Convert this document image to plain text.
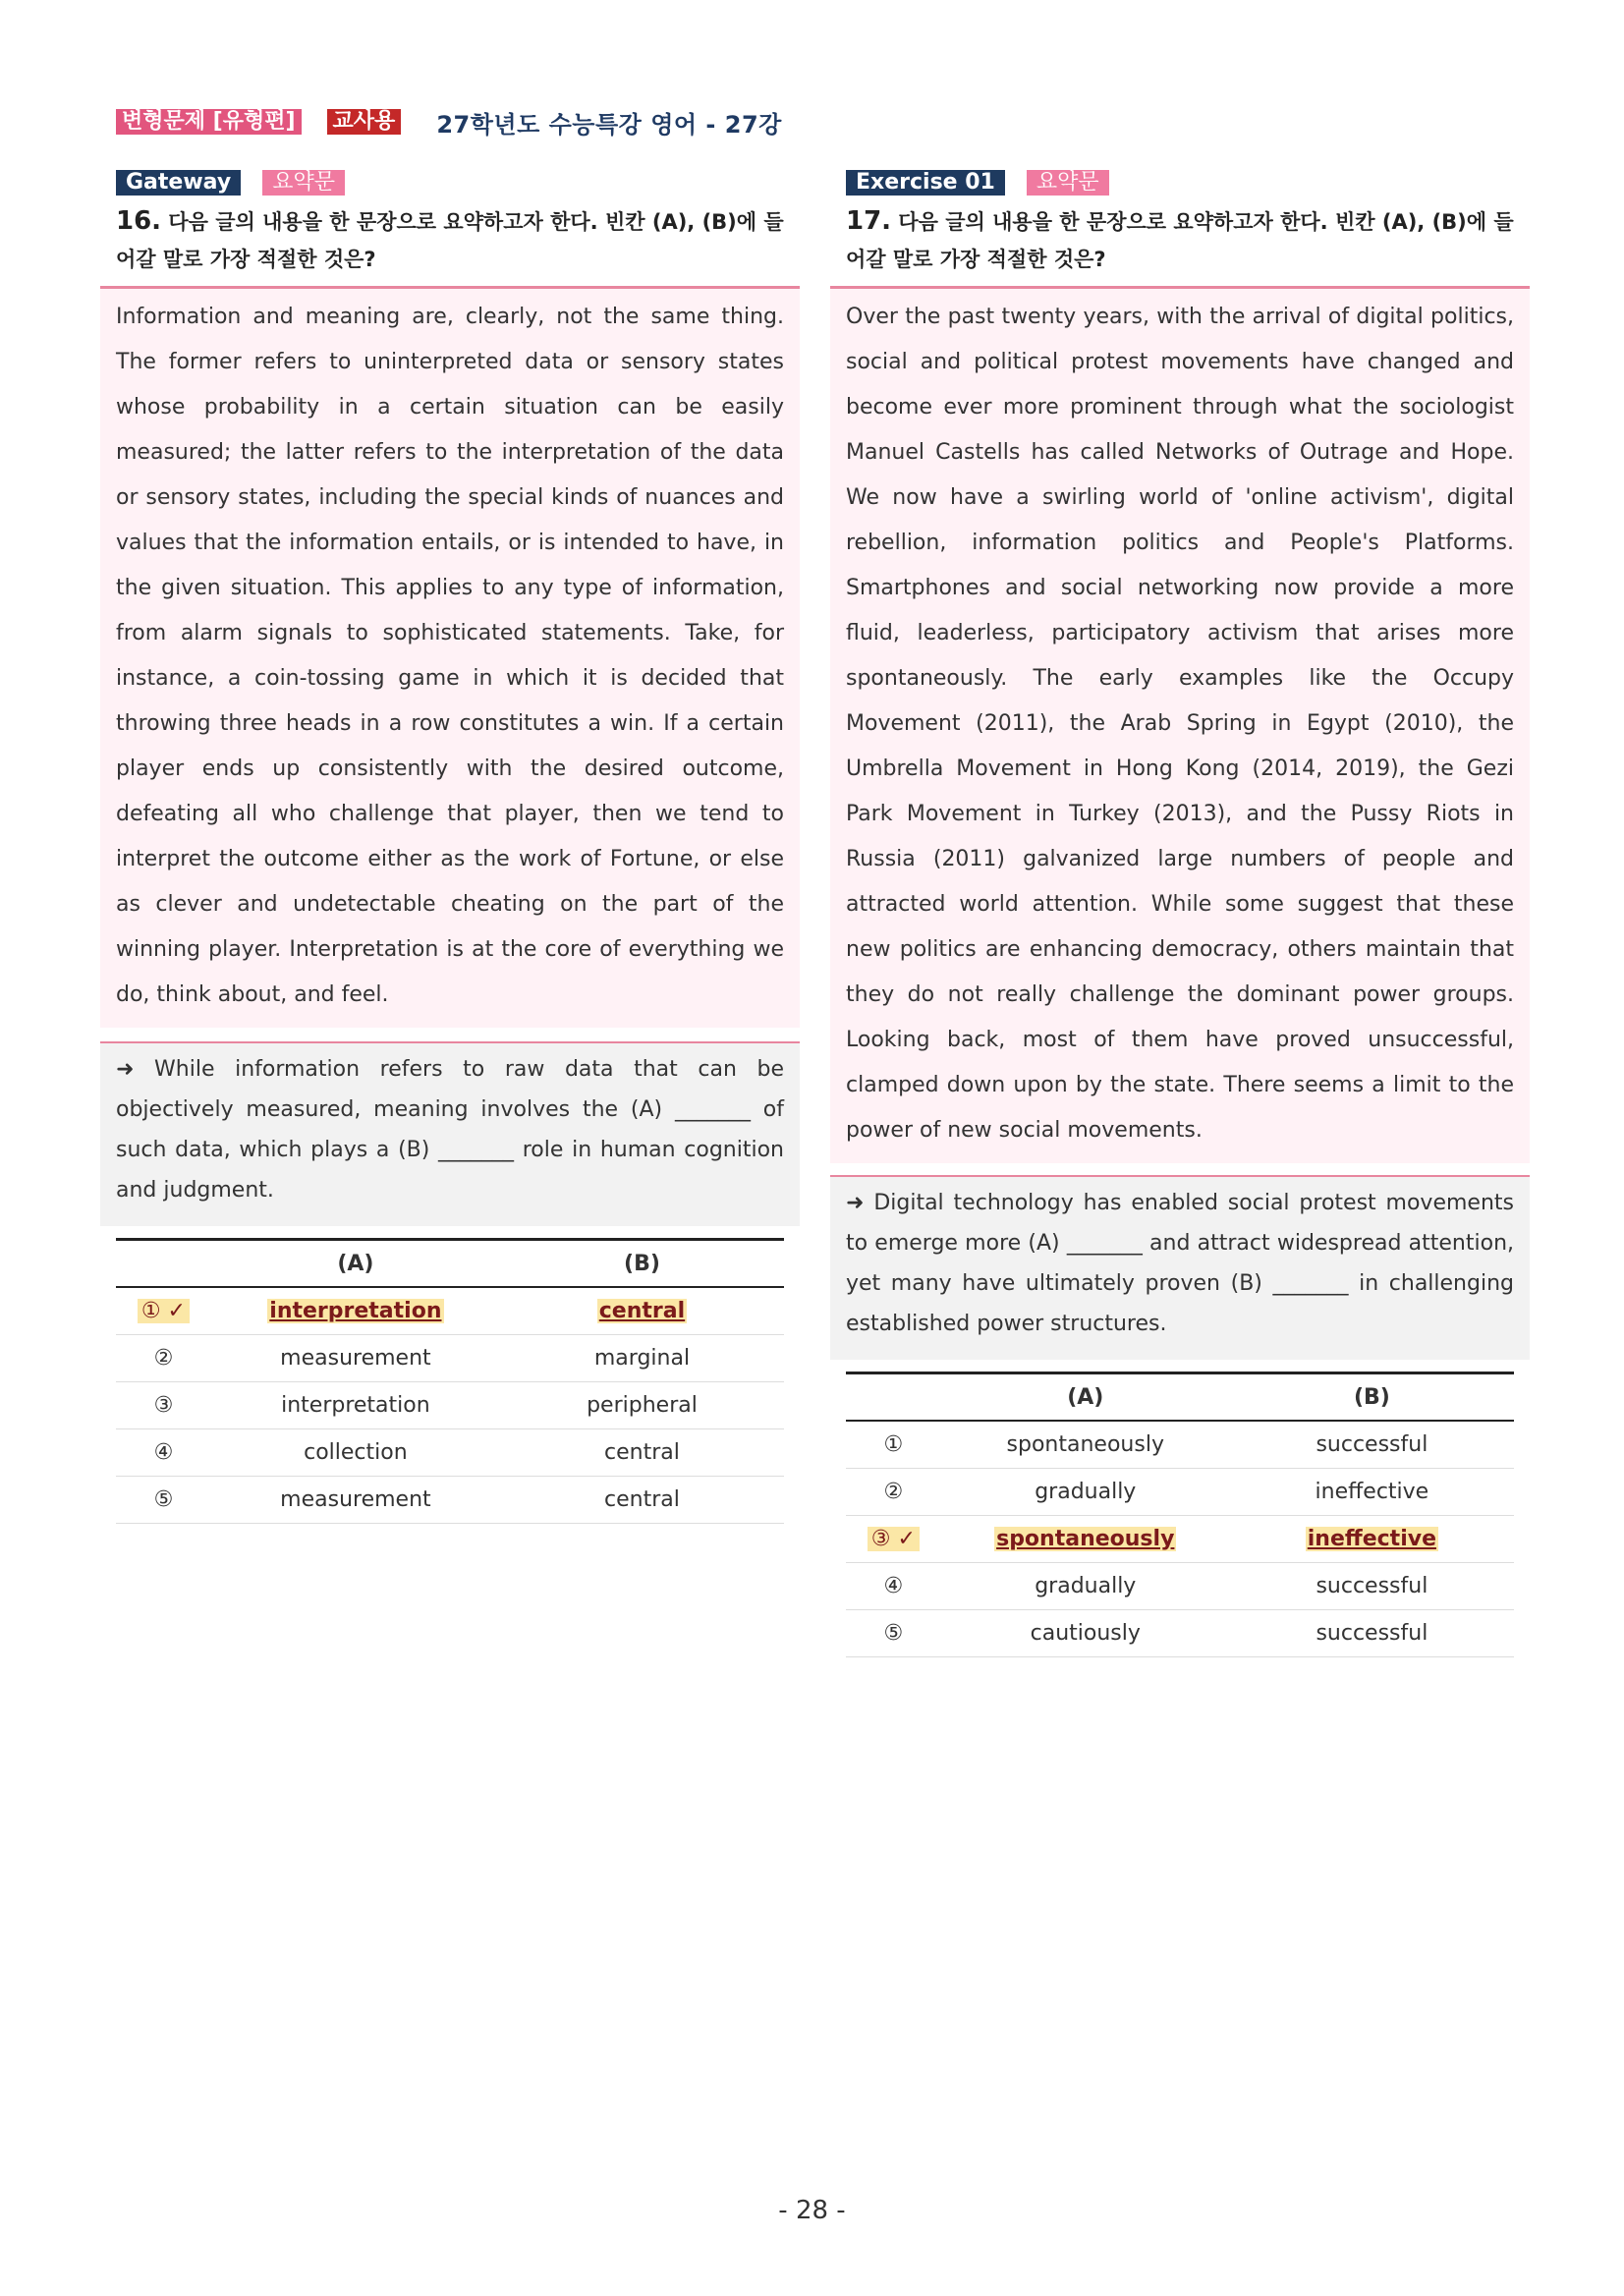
변형문제 [유형편] 교사용 27학년도 수능특강 영어 - 27강
Gateway	요약문
16. 다음 글의 내용을 한 문장으로 요약하고자 한다. 빈칸 (A), (B)에 들어갈 말로 가장 적절한 것은?
Information and meaning are, clearly, not the same thing. The former refers to uninterpreted data or sensory states whose probability in a certain situation can be easily measured; the latter refers to the interpretation of the data or sensory states, including the special kinds of nuances and values that the information entails, or is intended to have, in the given situation. This applies to any type of information, from alarm signals to sophisticated statements. Take, for instance, a coin-tossing game in which it is decided that throwing three heads in a row constitutes a win. If a certain player ends up consistently with the desired outcome, defeating all who challenge that player, then we tend to interpret the outcome either as the work of Fortune, or else as clever and undetectable cheating on the part of the winning player. Interpretation is at the core of everything we do, think about, and feel.
➜ While information refers to raw data that can be objectively measured, meaning involves the (A) _______ of such data, which plays a (B) _______ role in human cognition and judgment.
	(A)	(B)
① ✓	interpretation	central
②	measurement	marginal
③	interpretation	peripheral
④	collection	central
⑤	measurement	central
Exercise 01	요약문
17. 다음 글의 내용을 한 문장으로 요약하고자 한다. 빈칸 (A), (B)에 들어갈 말로 가장 적절한 것은?
Over the past twenty years, with the arrival of digital politics, social and political protest movements have changed and become ever more prominent through what the sociologist Manuel Castells has called Networks of Outrage and Hope. We now have a swirling world of 'online activism', digital rebellion, information politics and People's Platforms. Smartphones and social networking now provide a more fluid, leaderless, participatory activism that arises more spontaneously. The early examples like the Occupy Movement (2011), the Arab Spring in Egypt (2010), the Umbrella Movement in Hong Kong (2014, 2019), the Gezi Park Movement in Turkey (2013), and the Pussy Riots in Russia (2011) galvanized large numbers of people and attracted world attention. While some suggest that these new politics are enhancing democracy, others maintain that they do not really challenge the dominant power groups. Looking back, most of them have proved unsuccessful, clamped down upon by the state. There seems a limit to the power of new social movements.
➜ Digital technology has enabled social protest movements to emerge more (A) _______ and attract widespread attention, yet many have ultimately proven (B) _______ in challenging established power structures.
	(A)	(B)
①	spontaneously	successful
②	gradually	ineffective
③ ✓	spontaneously	ineffective
④	gradually	successful
⑤	cautiously	successful
- 28 -
